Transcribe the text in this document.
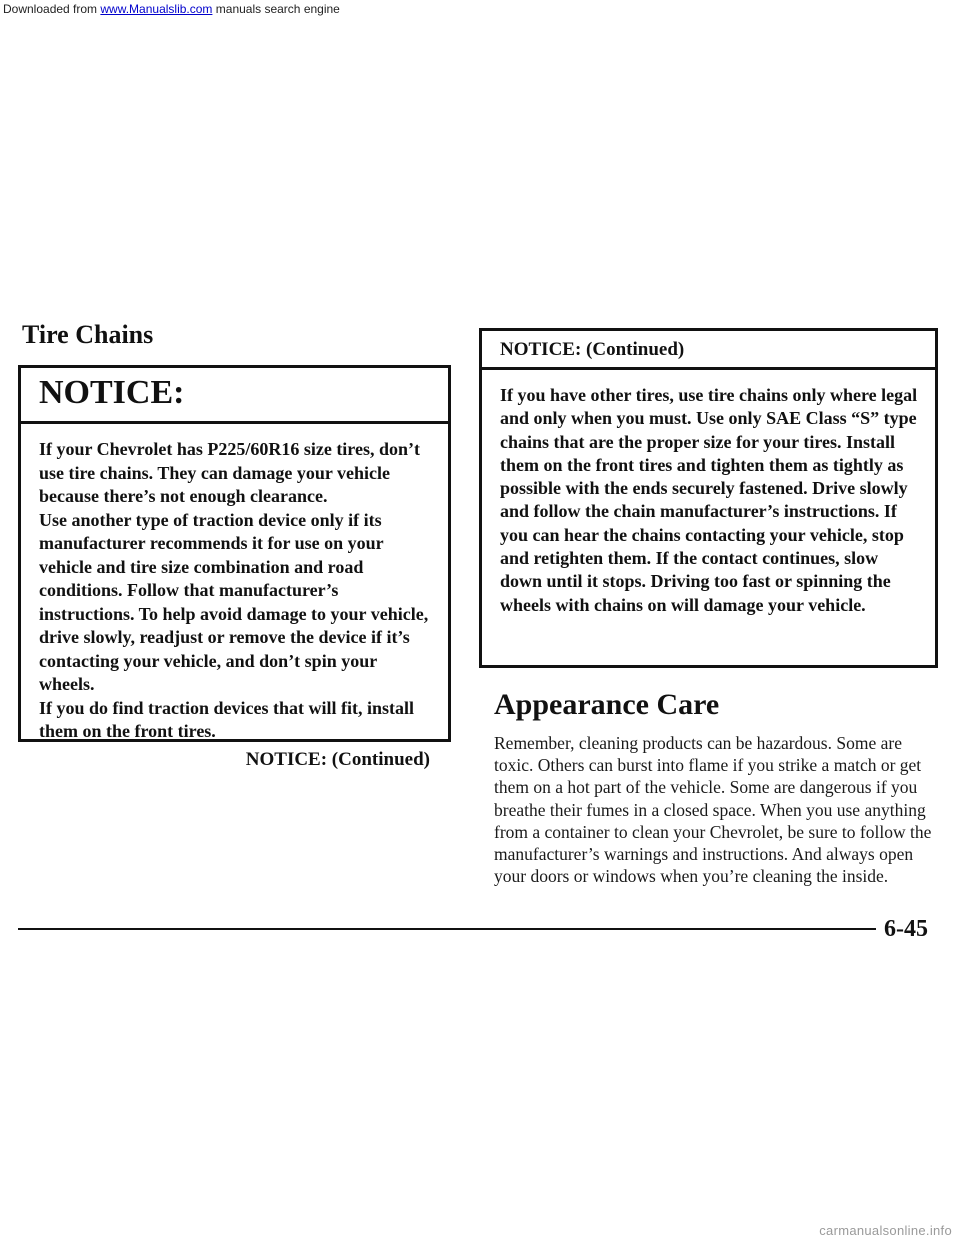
Downloaded from www.Manualslib.com manuals search engine
Tire Chains
NOTICE:

If your Chevrolet has P225/60R16 size tires, don’t use tire chains. They can damage your vehicle because there’s not enough clearance.

Use another type of traction device only if its manufacturer recommends it for use on your vehicle and tire size combination and road conditions. Follow that manufacturer’s instructions. To help avoid damage to your vehicle, drive slowly, readjust or remove the device if it’s contacting your vehicle, and don’t spin your wheels.

If you do find traction devices that will fit, install them on the front tires.

NOTICE: (Continued)
NOTICE: (Continued)

If you have other tires, use tire chains only where legal and only when you must. Use only SAE Class “S” type chains that are the proper size for your tires. Install them on the front tires and tighten them as tightly as possible with the ends securely fastened. Drive slowly and follow the chain manufacturer’s instructions. If you can hear the chains contacting your vehicle, stop and retighten them. If the contact continues, slow down until it stops. Driving too fast or spinning the wheels with chains on will damage your vehicle.

Appearance Care
Remember, cleaning products can be hazardous. Some are toxic. Others can burst into flame if you strike a match or get them on a hot part of the vehicle. Some are dangerous if you breathe their fumes in a closed space. When you use anything from a container to clean your Chevrolet, be sure to follow the manufacturer’s warnings and instructions. And always open your doors or windows when you’re cleaning the inside.
6-45
carmanualsonline.info
